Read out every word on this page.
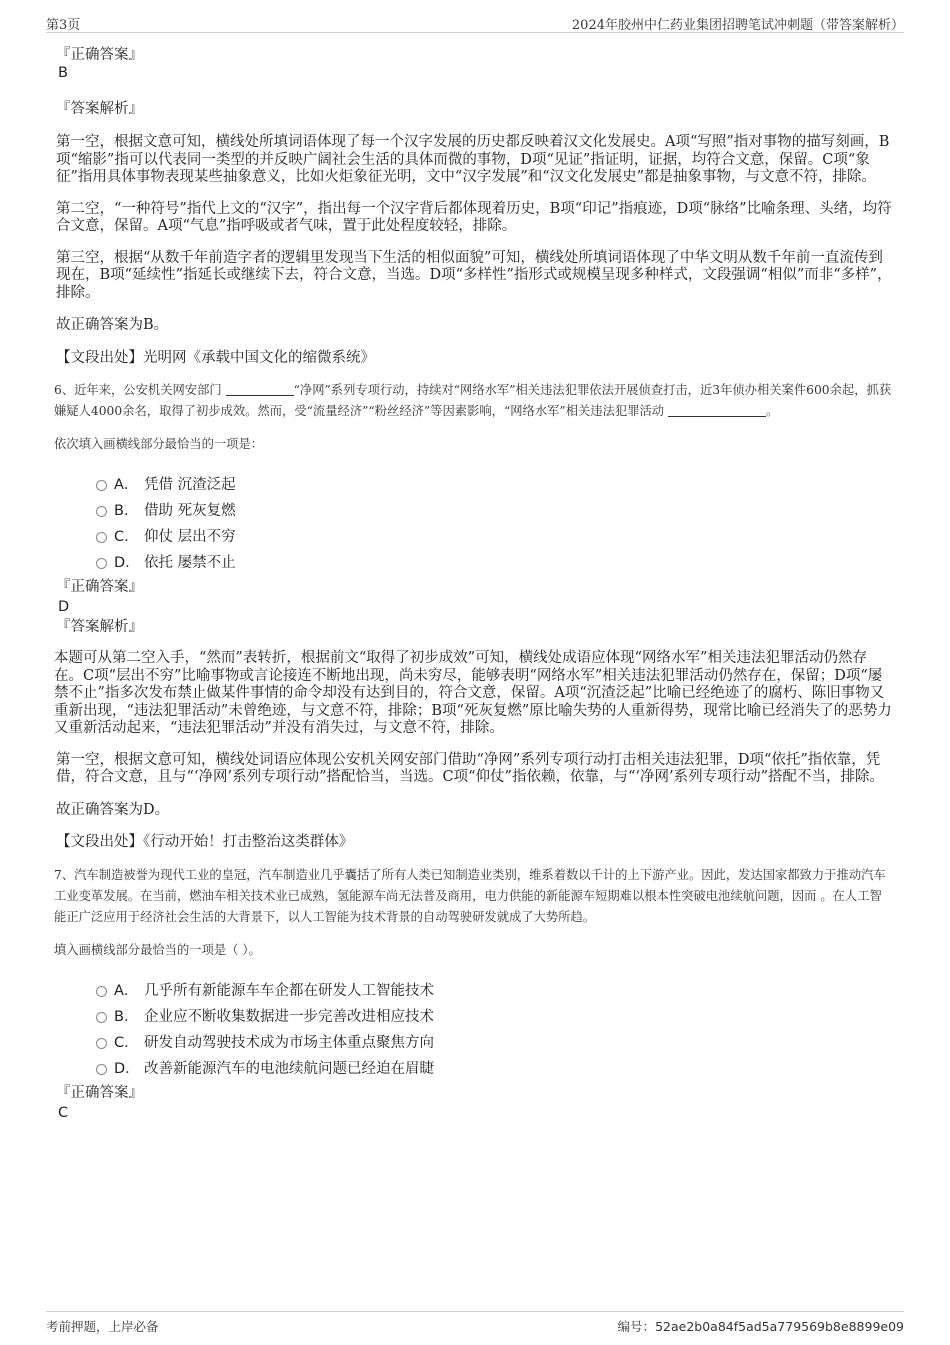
第3页	2024年胶州中仁药业集团招聘笔试冲刺题（带答案解析）

『正确答案』

B

『答案解析』

第一空，根据文意可知，横线处所填词语体现了每一个汉字发展的历史都反映着汉文化发展史。A项“写照”指对事物的描写刻画，B项“缩影”指可以代表同一类型的并反映广阔社会生活的具体而微的事物，D项“见证”指证明，证据，均符合文意，保留。C项“象征”指用具体事物表现某些抽象意义，比如火炬象征光明，文中“汉字发展”和“汉文化发展史”都是抽象事物，与文意不符，排除。

第二空，“一种符号”指代上文的“汉字”，指出每一个汉字背后都体现着历史，B项“印记”指痕迹，D项“脉络”比喻条理、头绪，均符合文意，保留。A项“气息”指呼吸或者气味，置于此处程度较轻，排除。

第三空，根据“从数千年前造字者的逻辑里发现当下生活的相似面貌”可知，横线处所填词语体现了中华文明从数千年前一直流传到现在，B项“延续性”指延长或继续下去，符合文意，当选。D项“多样性”指形式或规模呈现多种样式，文段强调“相似”而非“多样”，排除。

故正确答案为B。

【文段出处】光明网《承载中国文化的缩微系统》

6、近年来，公安机关网安部门	“净网”系列专项行动，持续对“网络水军”相关违法犯罪依法开展侦查打击，近3年侦办相关案件600余起，抓获嫌疑人4000余名，取得了初步成效。然而，受“流量经济”“粉丝经济”等因素影响，“网络水军”相关违法犯罪活动	。

依次填入画横线部分最恰当的一项是：

A． 凭借 沉渣泛起
B． 借助 死灰复燃
C． 仰仗 层出不穷
D． 依托 屡禁不止

『正确答案』

D

『答案解析』

本题可从第二空入手，“然而”表转折，根据前文“取得了初步成效”可知，横线处成语应体现“网络水军”相关违法犯罪活动仍然存在。C项“层出不穷”比喻事物或言论接连不断地出现，尚未穷尽，能够表明“网络水军”相关违法犯罪活动仍然存在，保留；D项“屡禁不止”指多次发布禁止做某件事情的命令却没有达到目的，符合文意，保留。A项“沉渣泛起”比喻已经绝迹了的腐朽、陈旧事物又重新出现，“违法犯罪活动”未曾绝迹，与文意不符，排除；B项“死灰复燃”原比喻失势的人重新得势，现常比喻已经消失了的恶势力又重新活动起来，“违法犯罪活动”并没有消失过，与文意不符，排除。

第一空，根据文意可知，横线处词语应体现公安机关网安部门借助“净网”系列专项行动打击相关违法犯罪，D项“依托”指依靠，凭借，符合文意，且与“‘净网’系列专项行动”搭配恰当，当选。C项“仰仗”指依赖，依靠，与“‘净网’系列专项行动”搭配不当，排除。

故正确答案为D。

【文段出处】《行动开始！打击整治这类群体》

7、汽车制造被誉为现代工业的皇冠，汽车制造业几乎囊括了所有人类已知制造业类别，维系着数以千计的上下游产业。因此，发达国家都致力于推动汽车工业变革发展。在当前，燃油车相关技术业已成熟，氢能源车尚无法普及商用，电力供能的新能源车短期难以根本性突破电池续航问题，因而 。在人工智能正广泛应用于经济社会生活的大背景下，以人工智能为技术背景的自动驾驶研发就成了大势所趋。

填入画横线部分最恰当的一项是（ ）。

A． 几乎所有新能源车车企都在研发人工智能技术
B． 企业应不断收集数据进一步完善改进相应技术
C． 研发自动驾驶技术成为市场主体重点聚焦方向
D． 改善新能源汽车的电池续航问题已经迫在眉睫

『正确答案』

C

考前押题，上岸必备	编号：52ae2b0a84f5ad5a779569b8e8899e09
